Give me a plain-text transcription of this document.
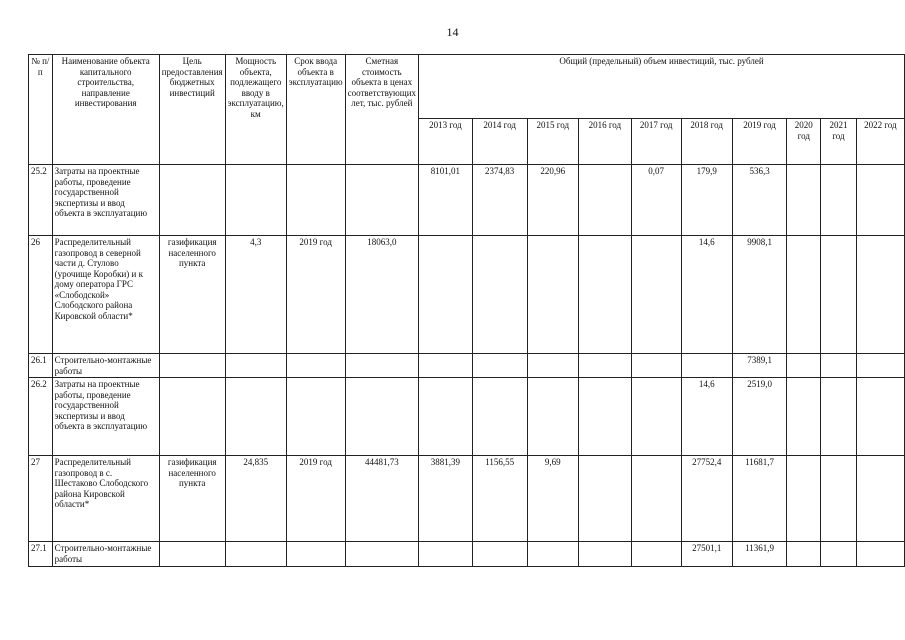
14
№ п/п	Наименование объекта капитального строительства, направление инвестирования	Цель предоставления бюджетных инвестиций	Мощность объекта, подлежащего вводу в эксплуатацию, км	Срок ввода объекта в эксплуатацию	Сметная стоимость объекта в ценах соответствующих лет, тыс. рублей	Общий (предельный) объем инвестиций, тыс. рублей									
						2013 год	2014 год	2015 год	2016 год	2017 год	2018 год	2019 год	2020 год	2021 год	2022 год
25.2	Затраты на проектные работы, проведение государственной экспертизы и ввод объекта в эксплуатацию					8101,01	2374,83	220,96		0,07	179,9	536,3			
26	Распределительный газопровод в северной части д. Стулово (урочище Коробки) и к дому оператора ГРС «Слободской» Слободского района Кировской области*	газификация населенного пункта	4,3	2019 год	18063,0						14,6	9908,1			
26.1	Строительно-монтажные работы											7389,1			
26.2	Затраты на проектные работы, проведение государственной экспертизы и ввод объекта в эксплуатацию										14,6	2519,0			
27	Распределительный газопровод в с. Шестаково Слободского района Кировской области*	газификация населенного пункта	24,835	2019 год	44481,73	3881,39	1156,55	9,69			27752,4	11681,7			
27.1	Строительно-монтажные работы										27501,1	11361,9			
